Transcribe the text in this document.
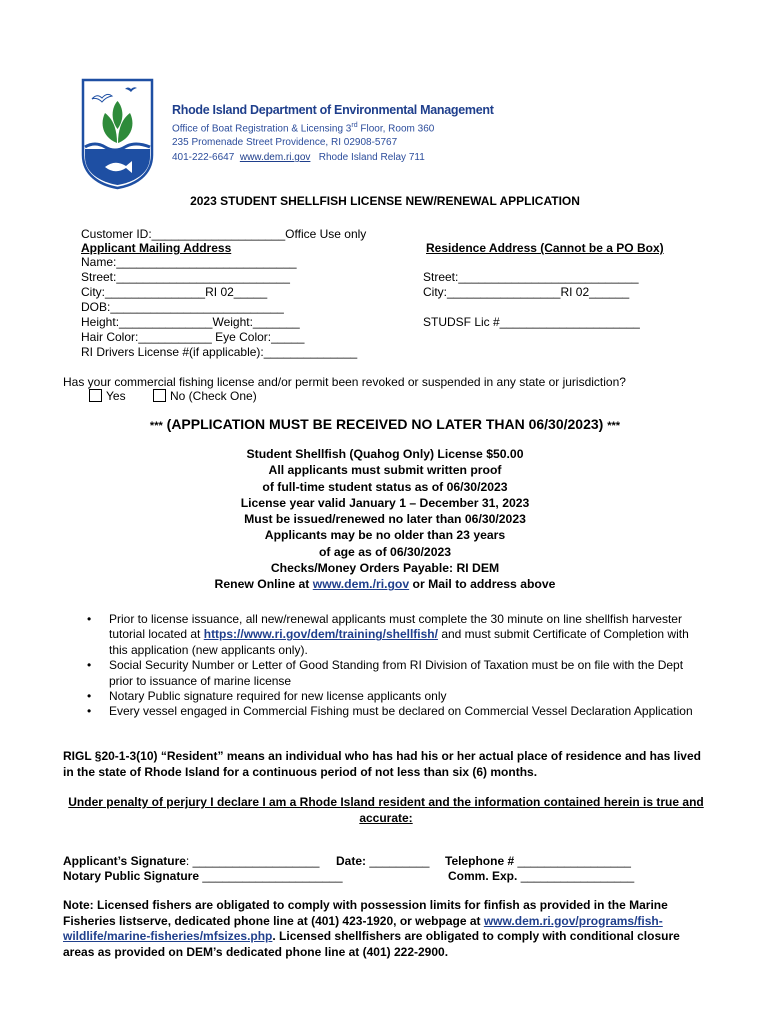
Rhode Island Department of Environmental Management
Office of Boat Registration & Licensing 3rd Floor, Room 360
235 Promenade Street Providence, RI 02908-5767
401-222-6647 www.dem.ri.gov Rhode Island Relay 711
2023 STUDENT SHELLFISH LICENSE NEW/RENEWAL APPLICATION
Customer ID:____________________Office Use only
Applicant Mailing Address	Residence Address (Cannot be a PO Box)
Name:___________________________
Street:__________________________	Street:___________________________
City:_______________RI 02_____	City:_________________RI 02______
DOB:__________________________
Height:______________Weight:_______	STUDSF Lic #_____________________
Hair Color:___________ Eye Color:_____
RI Drivers License #(if applicable):______________
Has your commercial fishing license and/or permit been revoked or suspended in any state or jurisdiction?
Yes	No (Check One)
*** (APPLICATION MUST BE RECEIVED NO LATER THAN 06/30/2023) ***
Student Shellfish (Quahog Only) License $50.00
All applicants must submit written proof
of full-time student status as of 06/30/2023
License year valid January 1 – December 31, 2023
Must be issued/renewed no later than 06/30/2023
Applicants may be no older than 23 years
of age as of 06/30/2023
Checks/Money Orders Payable: RI DEM
Renew Online at www.dem./ri.gov or Mail to address above
• Prior to license issuance, all new/renewal applicants must complete the 30 minute on line shellfish harvester tutorial located at https://www.ri.gov/dem/training/shellfish/ and must submit Certificate of Completion with this application (new applicants only).
• Social Security Number or Letter of Good Standing from RI Division of Taxation must be on file with the Dept prior to issuance of marine license
• Notary Public signature required for new license applicants only
• Every vessel engaged in Commercial Fishing must be declared on Commercial Vessel Declaration Application
RIGL §20-1-3(10) “Resident” means an individual who has had his or her actual place of residence and has lived in the state of Rhode Island for a continuous period of not less than six (6) months.
Under penalty of perjury I declare I am a Rhode Island resident and the information contained herein is true and accurate:
Applicant’s Signature: ___________________ Date: _________ Telephone # _________________
Notary Public Signature _____________________	Comm. Exp. _________________
Note: Licensed fishers are obligated to comply with possession limits for finfish as provided in the Marine Fisheries listserve, dedicated phone line at (401) 423-1920, or webpage at www.dem.ri.gov/programs/fish-wildlife/marine-fisheries/mfsizes.php. Licensed shellfishers are obligated to comply with conditional closure areas as provided on DEM’s dedicated phone line at (401) 222-2900.
